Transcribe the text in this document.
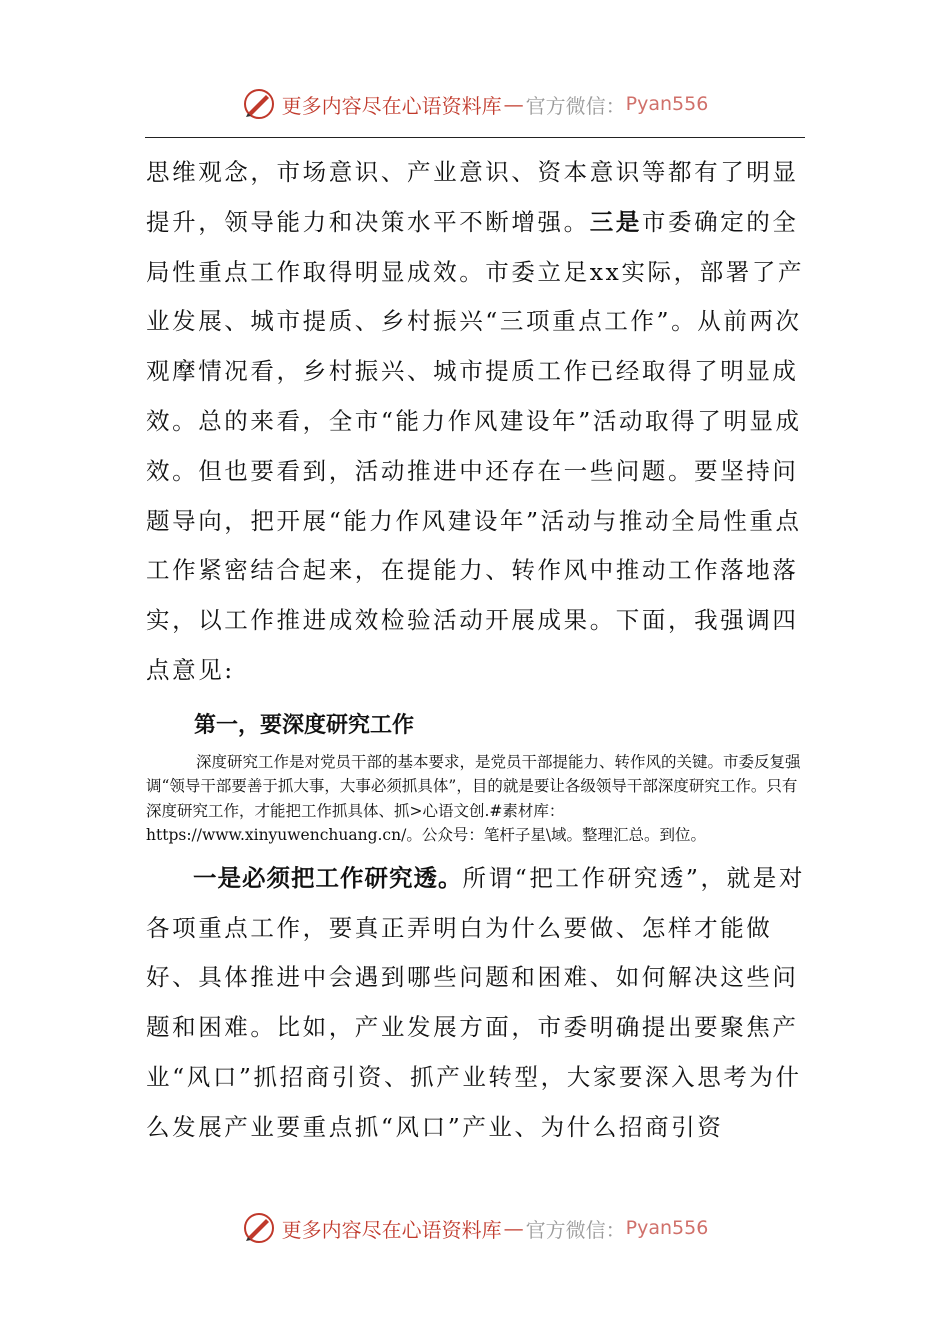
更多内容尽在心语资料库 — 官方微信： Pyan556

思维观念，市场意识、产业意识、资本意识等都有了明显提升，领导能力和决策水平不断增强。三是市委确定的全局性重点工作取得明显成效。市委立足xx实际，部署了产业发展、城市提质、乡村振兴“三项重点工作”。从前两次观摩情况看，乡村振兴、城市提质工作已经取得了明显成效。总的来看，全市“能力作风建设年”活动取得了明显成效。但也要看到，活动推进中还存在一些问题。要坚持问题导向，把开展“能力作风建设年”活动与推动全局性重点工作紧密结合起来，在提能力、转作风中推动工作落地落实，以工作推进成效检验活动开展成果。下面，我强调四点意见:

第一，要深度研究工作

深度研究工作是对党员干部的基本要求，是党员干部提能力、转作风的关键。市委反复强调“领导干部要善于抓大事，大事必须抓具体”，目的就是要让各级领导干部深度研究工作。只有深度研究工作，才能把工作抓具体、抓>心语文创.#素材库：https://www.xinyuwenchuang.cn/。公众号：笔杆子星\域。整理汇总。到位。

一是必须把工作研究透。所谓“把工作研究透”，就是对各项重点工作，要真正弄明白为什么要做、怎样才能做好、具体推进中会遇到哪些问题和困难、如何解决这些问题和困难。比如，产业发展方面，市委明确提出要聚焦产业“风口”抓招商引资、抓产业转型，大家要深入思考为什么发展产业要重点抓“风口”产业、为什么招商引资

更多内容尽在心语资料库 — 官方微信： Pyan556
